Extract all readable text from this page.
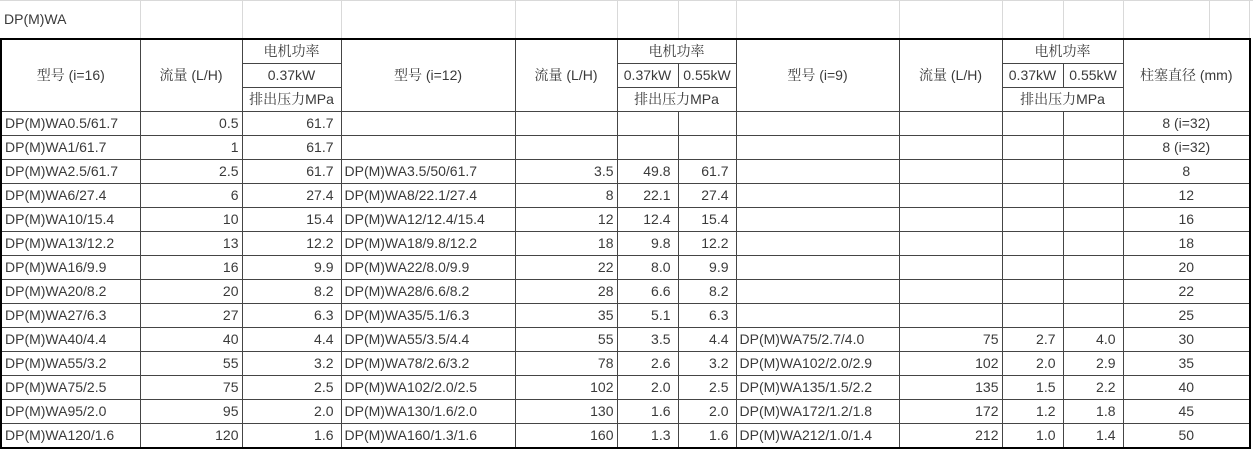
DP(M)WA
型号 (i=16)	流量 (L/H)	电机功率	型号 (i=12)	流量 (L/H)	电机功率		型号 (i=9)	流量 (L/H)	电机功率		柱塞直径 (mm)
		0.37kW			0.37kW	0.55kW			0.37kW	0.55kW	
		排出压力MPa			排出压力MPa				排出压力MPa		
DP(M)WA0.5/61.7	0.5	61.7									8 (i=32)
DP(M)WA1/61.7	1	61.7									8 (i=32)
DP(M)WA2.5/61.7	2.5	61.7	DP(M)WA3.5/50/61.7	3.5	49.8	61.7					8
DP(M)WA6/27.4	6	27.4	DP(M)WA8/22.1/27.4	8	22.1	27.4					12
DP(M)WA10/15.4	10	15.4	DP(M)WA12/12.4/15.4	12	12.4	15.4					16
DP(M)WA13/12.2	13	12.2	DP(M)WA18/9.8/12.2	18	9.8	12.2					18
DP(M)WA16/9.9	16	9.9	DP(M)WA22/8.0/9.9	22	8.0	9.9					20
DP(M)WA20/8.2	20	8.2	DP(M)WA28/6.6/8.2	28	6.6	8.2					22
DP(M)WA27/6.3	27	6.3	DP(M)WA35/5.1/6.3	35	5.1	6.3					25
DP(M)WA40/4.4	40	4.4	DP(M)WA55/3.5/4.4	55	3.5	4.4	DP(M)WA75/2.7/4.0	75	2.7	4.0	30
DP(M)WA55/3.2	55	3.2	DP(M)WA78/2.6/3.2	78	2.6	3.2	DP(M)WA102/2.0/2.9	102	2.0	2.9	35
DP(M)WA75/2.5	75	2.5	DP(M)WA102/2.0/2.5	102	2.0	2.5	DP(M)WA135/1.5/2.2	135	1.5	2.2	40
DP(M)WA95/2.0	95	2.0	DP(M)WA130/1.6/2.0	130	1.6	2.0	DP(M)WA172/1.2/1.8	172	1.2	1.8	45
DP(M)WA120/1.6	120	1.6	DP(M)WA160/1.3/1.6	160	1.3	1.6	DP(M)WA212/1.0/1.4	212	1.0	1.4	50
